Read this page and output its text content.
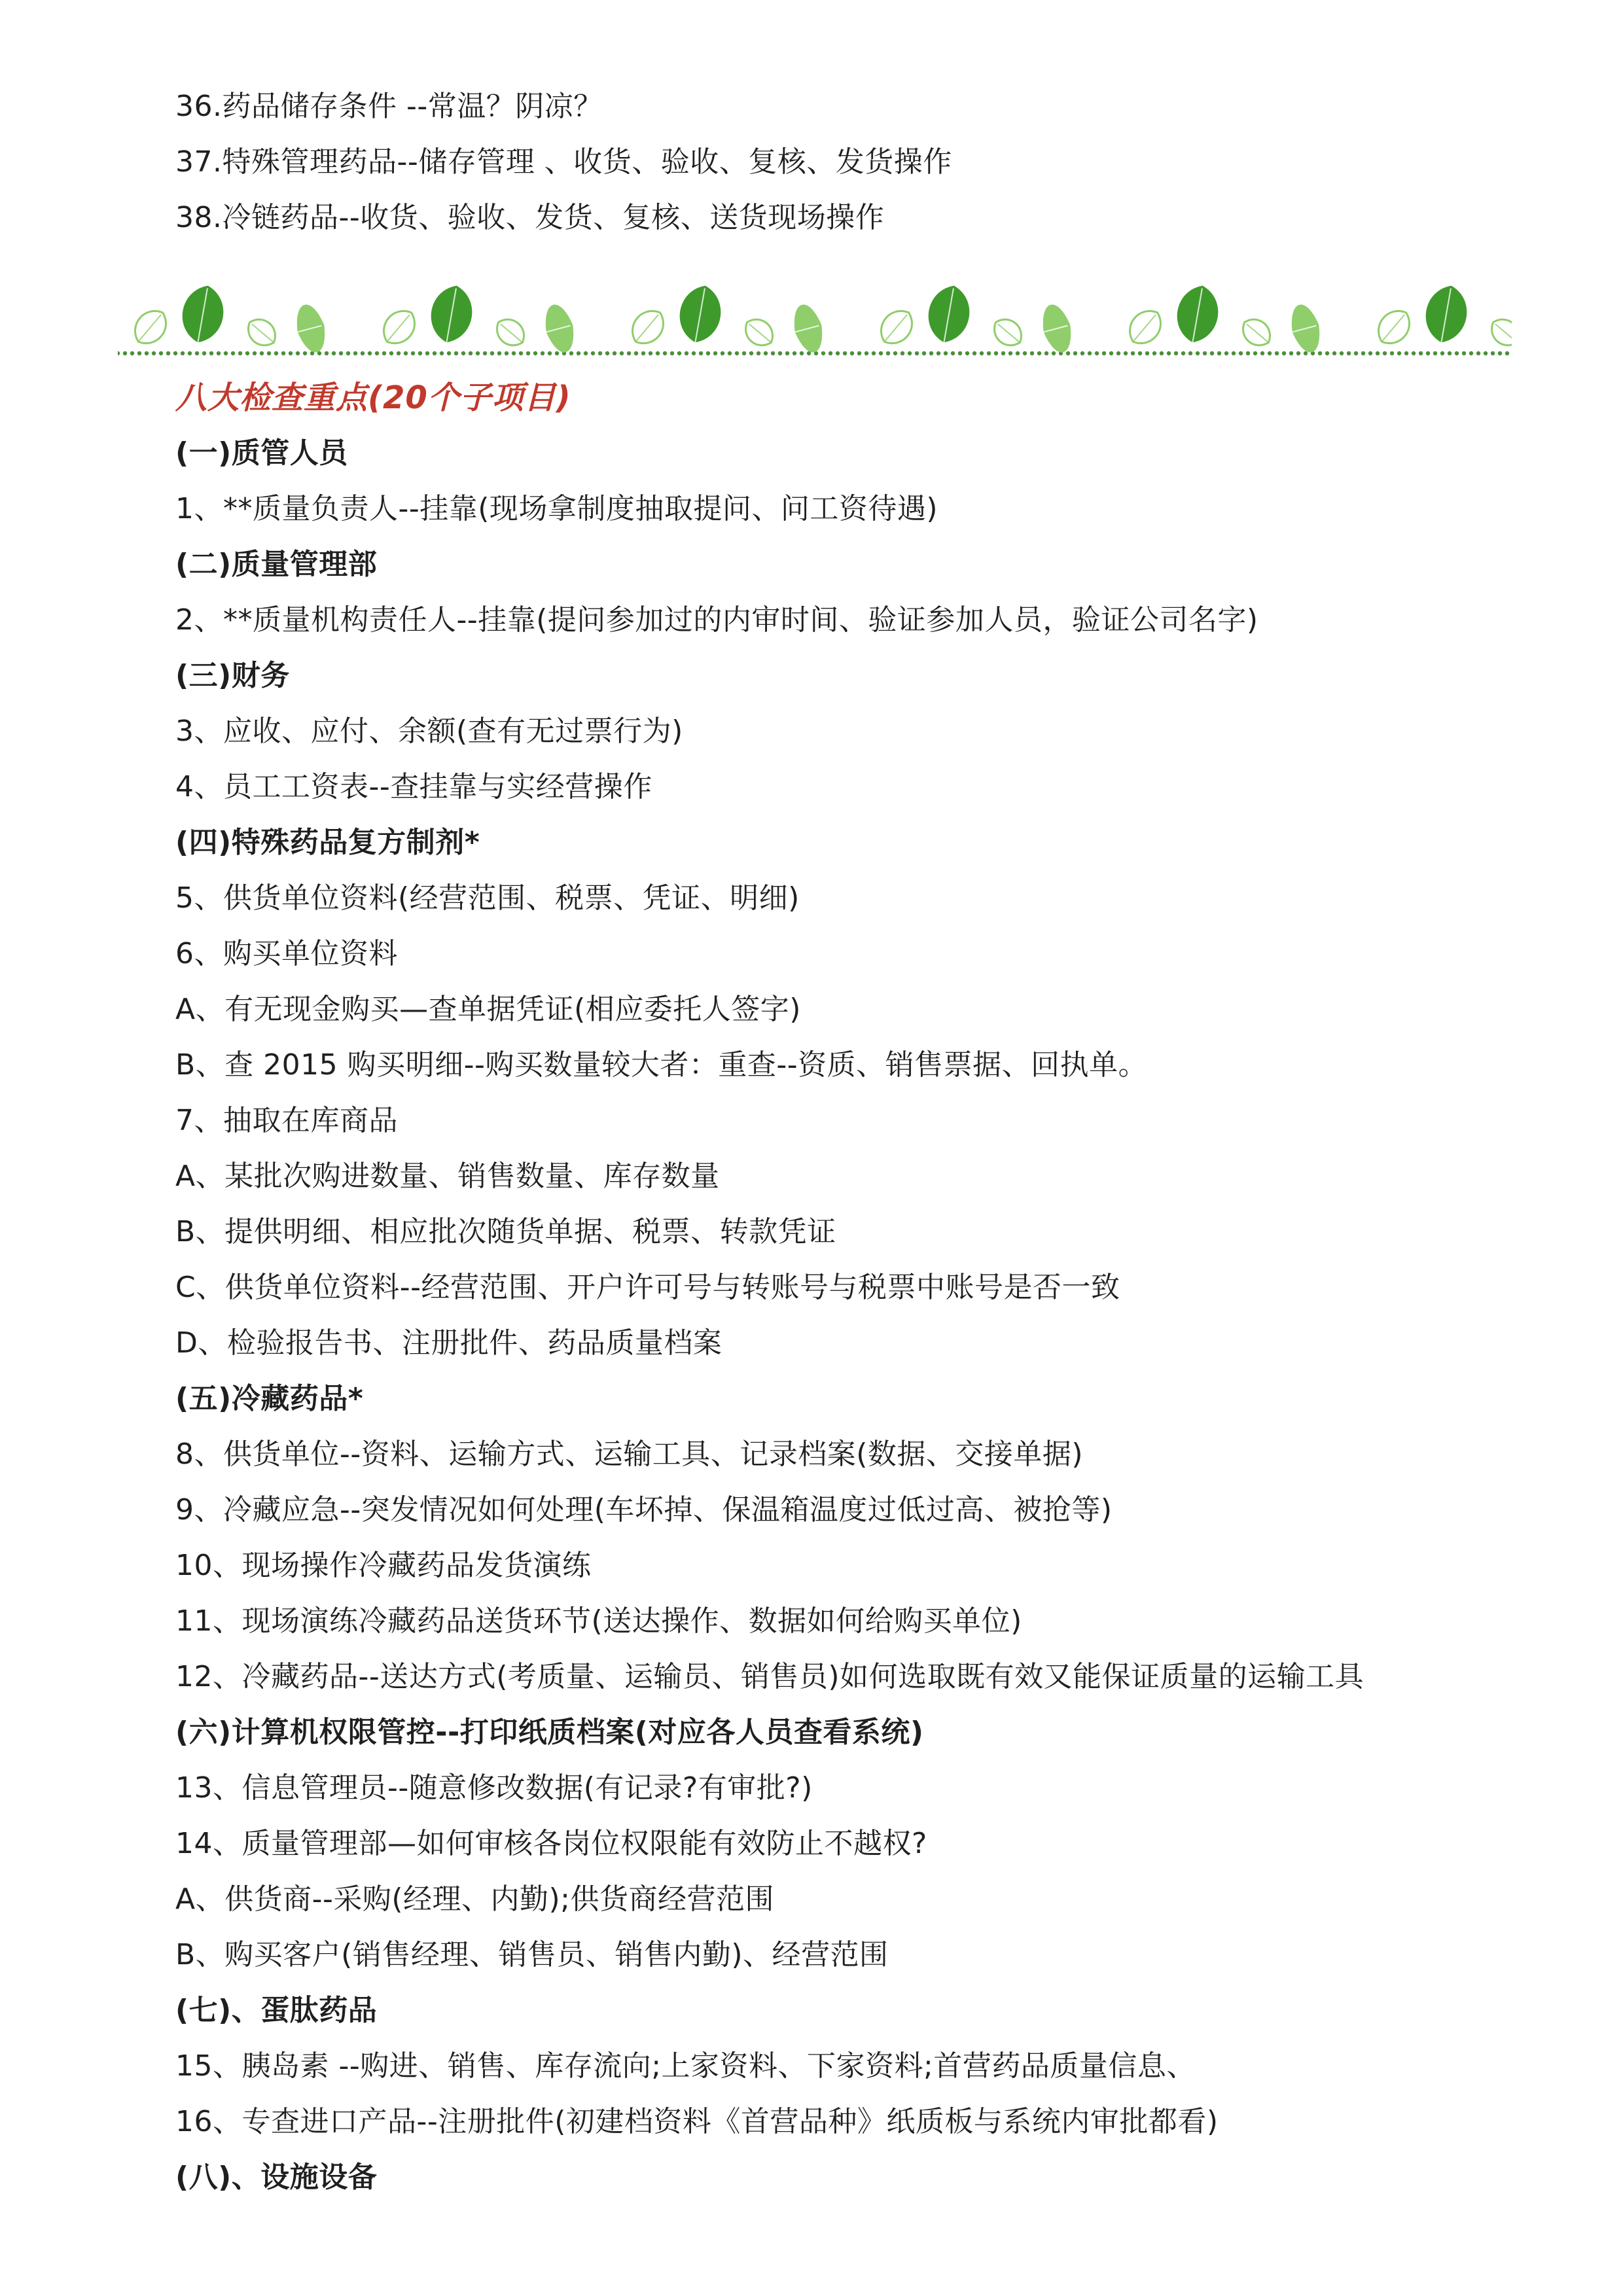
36.药品储存条件 --常温？阴凉？
37.特殊管理药品--储存管理 、收货、验收、复核、发货操作
38.冷链药品--收货、验收、发货、复核、送货现场操作
八大检查重点(20个子项目)
(一)质管人员
1、**质量负责人--挂靠(现场拿制度抽取提问、问工资待遇)
(二)质量管理部
2、**质量机构责任人--挂靠(提问参加过的内审时间、验证参加人员，验证公司名字)
(三)财务
3、应收、应付、余额(查有无过票行为)
4、员工工资表--查挂靠与实经营操作
(四)特殊药品复方制剂*
5、供货单位资料(经营范围、税票、凭证、明细)
6、购买单位资料
A、有无现金购买—查单据凭证(相应委托人签字)
B、查 2015 购买明细--购买数量较大者：重查--资质、销售票据、回执单。
7、抽取在库商品
A、某批次购进数量、销售数量、库存数量
B、提供明细、相应批次随货单据、税票、转款凭证
C、供货单位资料--经营范围、开户许可号与转账号与税票中账号是否一致
D、检验报告书、注册批件、药品质量档案
(五)冷藏药品*
8、供货单位--资料、运输方式、运输工具、记录档案(数据、交接单据)
9、冷藏应急--突发情况如何处理(车坏掉、保温箱温度过低过高、被抢等)
10、现场操作冷藏药品发货演练
11、现场演练冷藏药品送货环节(送达操作、数据如何给购买单位)
12、冷藏药品--送达方式(考质量、运输员、销售员)如何选取既有效又能保证质量的运输工具
(六)计算机权限管控--打印纸质档案(对应各人员查看系统)
13、信息管理员--随意修改数据(有记录?有审批?)
14、质量管理部—如何审核各岗位权限能有效防止不越权?
A、供货商--采购(经理、内勤);供货商经营范围
B、购买客户(销售经理、销售员、销售内勤)、经营范围
(七)、蛋肽药品
15、胰岛素 --购进、销售、库存流向;上家资料、下家资料;首营药品质量信息、
16、专查进口产品--注册批件(初建档资料《首营品种》纸质板与系统内审批都看)
(八)、设施设备
